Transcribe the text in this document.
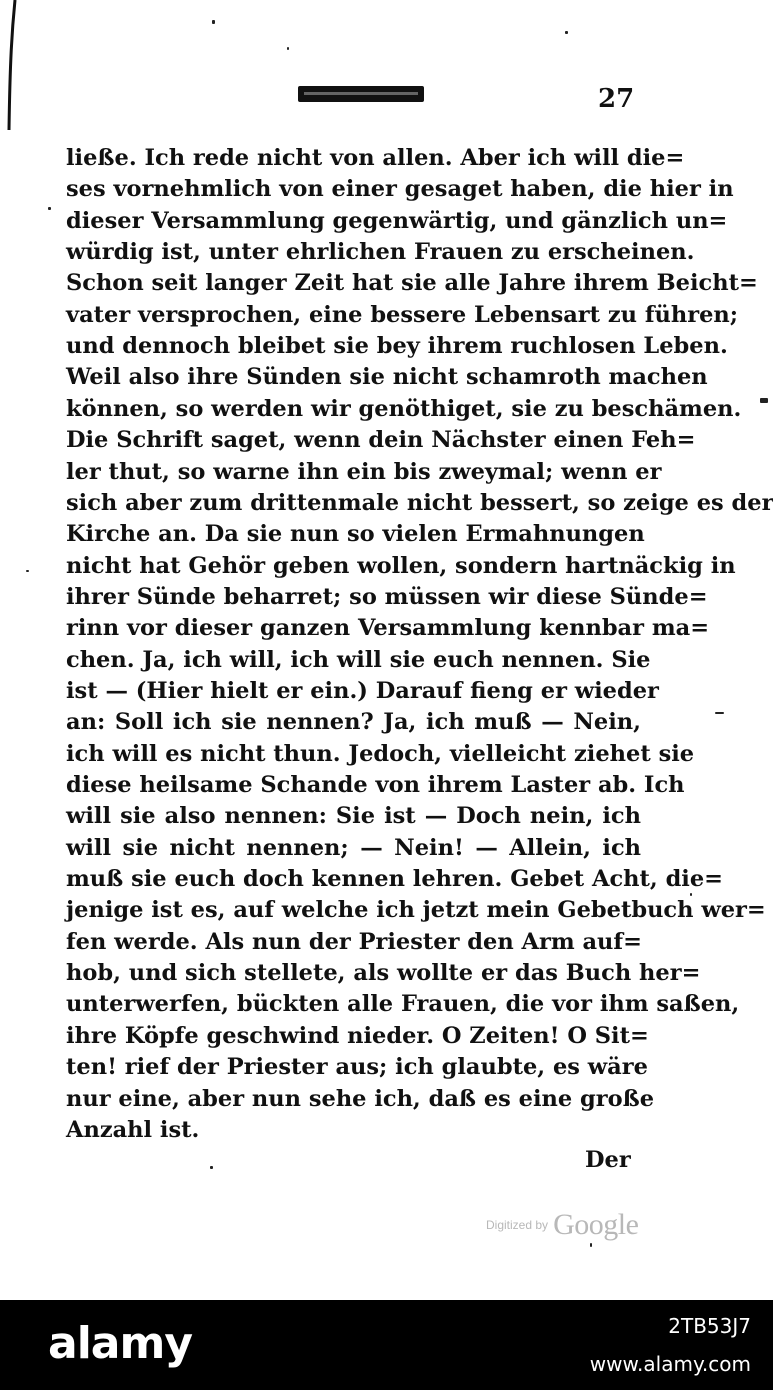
27
ließe. Ich rede nicht von allen. Aber ich will die=
ses vornehmlich von einer gesaget haben, die hier in
dieser Versammlung gegenwärtig, und gänzlich un=
würdig ist, unter ehrlichen Frauen zu erscheinen.
Schon seit langer Zeit hat sie alle Jahre ihrem Beicht=
vater versprochen, eine bessere Lebensart zu führen;
und dennoch bleibet sie bey ihrem ruchlosen Leben.
Weil also ihre Sünden sie nicht schamroth machen
können, so werden wir genöthiget, sie zu beschämen.
Die Schrift saget, wenn dein Nächster einen Feh=
ler thut, so warne ihn ein bis zweymal; wenn er
sich aber zum drittenmale nicht bessert, so zeige es der
Kirche an. Da sie nun so vielen Ermahnungen
nicht hat Gehör geben wollen, sondern hartnäckig in
ihrer Sünde beharret; so müssen wir diese Sünde=
rinn vor dieser ganzen Versammlung kennbar ma=
chen. Ja, ich will, ich will sie euch nennen. Sie
ist — (Hier hielt er ein.) Darauf fieng er wieder
an: Soll ich sie nennen? Ja, ich muß — Nein,
ich will es nicht thun. Jedoch, vielleicht ziehet sie
diese heilsame Schande von ihrem Laster ab. Ich
will sie also nennen: Sie ist — Doch nein, ich
will sie nicht nennen; — Nein! — Allein, ich
muß sie euch doch kennen lehren. Gebet Acht, die=
jenige ist es, auf welche ich jetzt mein Gebetbuch wer=
fen werde. Als nun der Priester den Arm auf=
hob, und sich stellete, als wollte er das Buch her=
unterwerfen, bückten alle Frauen, die vor ihm saßen,
ihre Köpfe geschwind nieder. O Zeiten! O Sit=
ten! rief der Priester aus; ich glaubte, es wäre
nur eine, aber nun sehe ich, daß es eine große
Anzahl ist.
Der
Digitized by Google
alamy	2TB53J7
www.alamy.com
